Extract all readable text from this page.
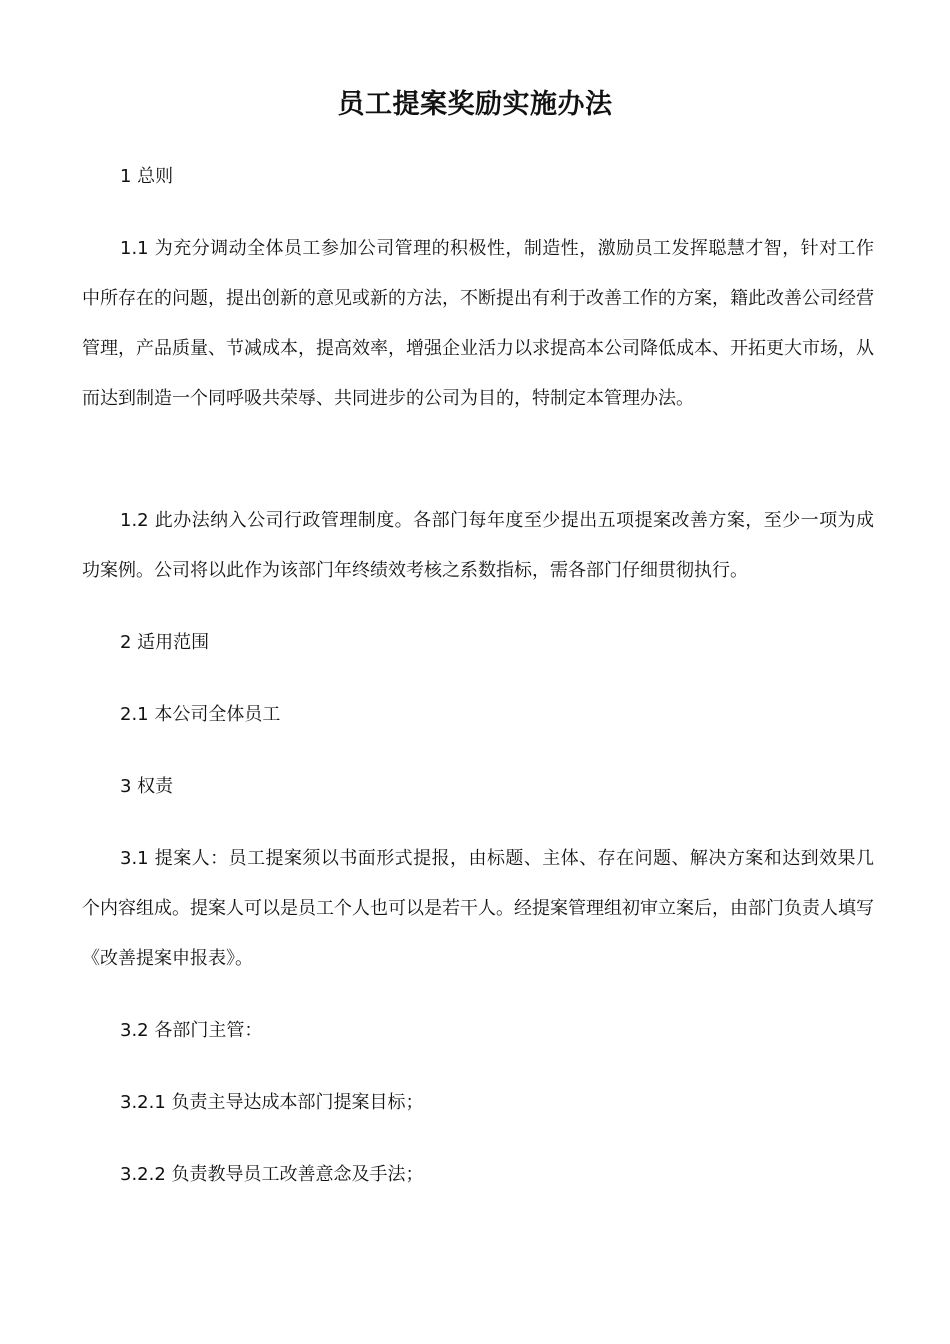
员工提案奖励实施办法

1 总则

1.1 为充分调动全体员工参加公司管理的积极性，制造性，激励员工发挥聪慧才智，针对工作中所存在的问题，提出创新的意见或新的方法，不断提出有利于改善工作的方案，籍此改善公司经营管理，产品质量、节减成本，提高效率，增强企业活力以求提高本公司降低成本、开拓更大市场，从而达到制造一个同呼吸共荣辱、共同进步的公司为目的，特制定本管理办法。

1.2 此办法纳入公司行政管理制度。各部门每年度至少提出五项提案改善方案，至少一项为成功案例。公司将以此作为该部门年终绩效考核之系数指标，需各部门仔细贯彻执行。

2 适用范围

2.1 本公司全体员工

3 权责

3.1 提案人：员工提案须以书面形式提报，由标题、主体、存在问题、解决方案和达到效果几个内容组成。提案人可以是员工个人也可以是若干人。经提案管理组初审立案后，由部门负责人填写《改善提案申报表》。

3.2 各部门主管：

3.2.1 负责主导达成本部门提案目标；

3.2.2 负责教导员工改善意念及手法；
